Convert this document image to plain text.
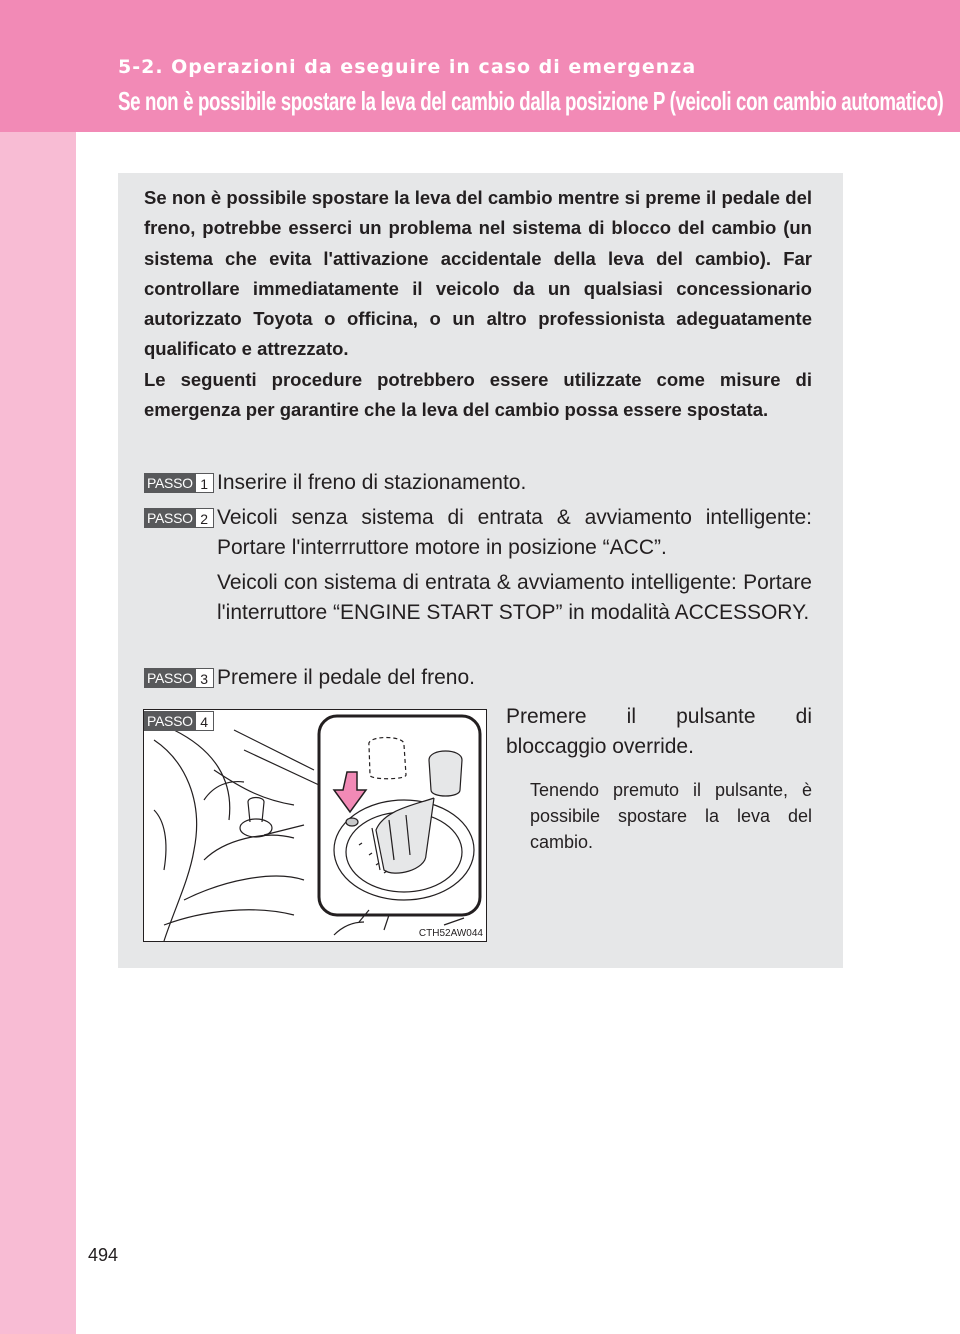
5-2. Operazioni da eseguire in caso di emergenza
Se non è possibile spostare la leva del cambio dalla posizione P (veicoli con cambio automatico)

Se non è possibile spostare la leva del cambio mentre si preme il pedale del freno, potrebbe esserci un problema nel sistema di blocco del cambio (un sistema che evita l'attivazione accidentale della leva del cambio). Far controllare immediatamente il veicolo da un qualsiasi concessionario autorizzato Toyota o officina, o un altro professionista adeguatamente qualificato e attrezzato.

Le seguenti procedure potrebbero essere utilizzate come misure di emergenza per garantire che la leva del cambio possa essere spostata.

PASSO 1 Inserire il freno di stazionamento.

PASSO 2 Veicoli senza sistema di entrata & avviamento intelligente: Portare l'interrruttore motore in posizione “ACC”.

Veicoli con sistema di entrata & avviamento intelligente: Portare l'interruttore “ENGINE START STOP” in modalità ACCESSORY.

PASSO 3 Premere il pedale del freno.

CTH52AW044
PASSO 4	Premere il pulsante di

bloccaggio override.

Tenendo premuto il pulsante, è possibile spostare la leva del cambio.

494
